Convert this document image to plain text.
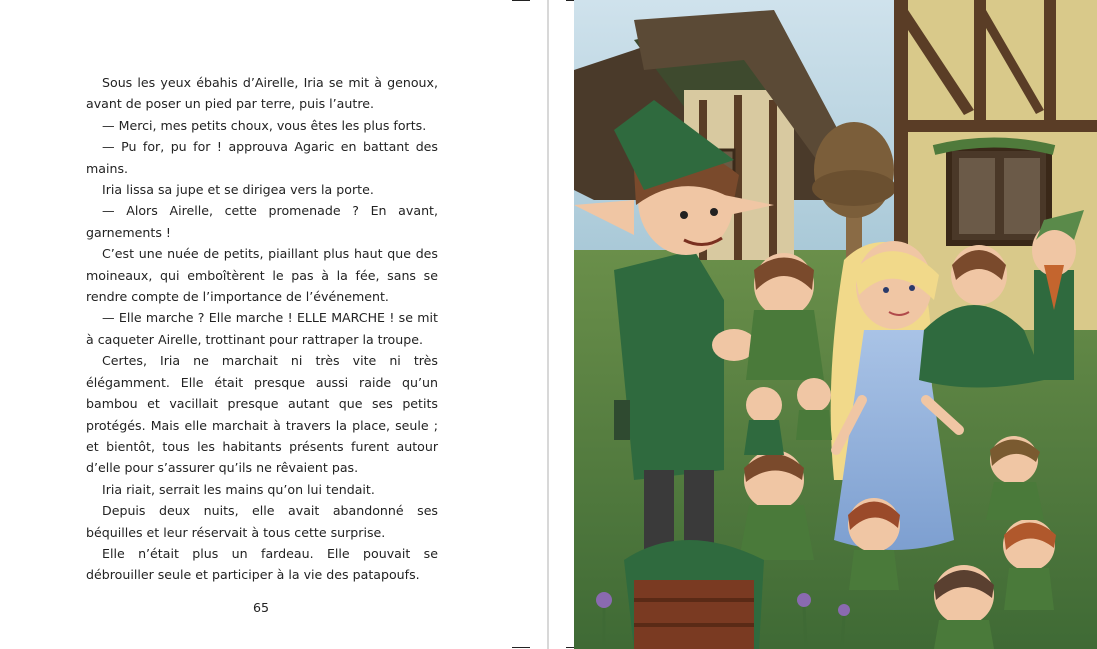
Sous les yeux ébahis d’Airelle, Iria se mit à genoux, avant de poser un pied par terre, puis l’autre.

— Merci, mes petits choux, vous êtes les plus forts.

— Pu for, pu for ! approuva Agaric en battant des mains.

Iria lissa sa jupe et se dirigea vers la porte.

— Alors Airelle, cette promenade ? En avant, garnements !

C’est une nuée de petits, piaillant plus haut que des moineaux, qui emboîtèrent le pas à la fée, sans se rendre compte de l’importance de l’événement.

— Elle marche ? Elle marche ! ELLE MARCHE ! se mit à caqueter Airelle, trottinant pour rattraper la troupe.

Certes, Iria ne marchait ni très vite ni très élégamment. Elle était presque aussi raide qu’un bambou et vacillait presque autant que ses petits protégés. Mais elle marchait à travers la place, seule ; et bientôt, tous les habitants présents furent autour d’elle pour s’assurer qu’ils ne rêvaient pas.

Iria riait, serrait les mains qu’on lui tendait.

Depuis deux nuits, elle avait abandonné ses béquilles et leur réservait à tous cette surprise.

Elle n’était plus un fardeau. Elle pouvait se débrouiller seule et participer à la vie des patapoufs.

65
